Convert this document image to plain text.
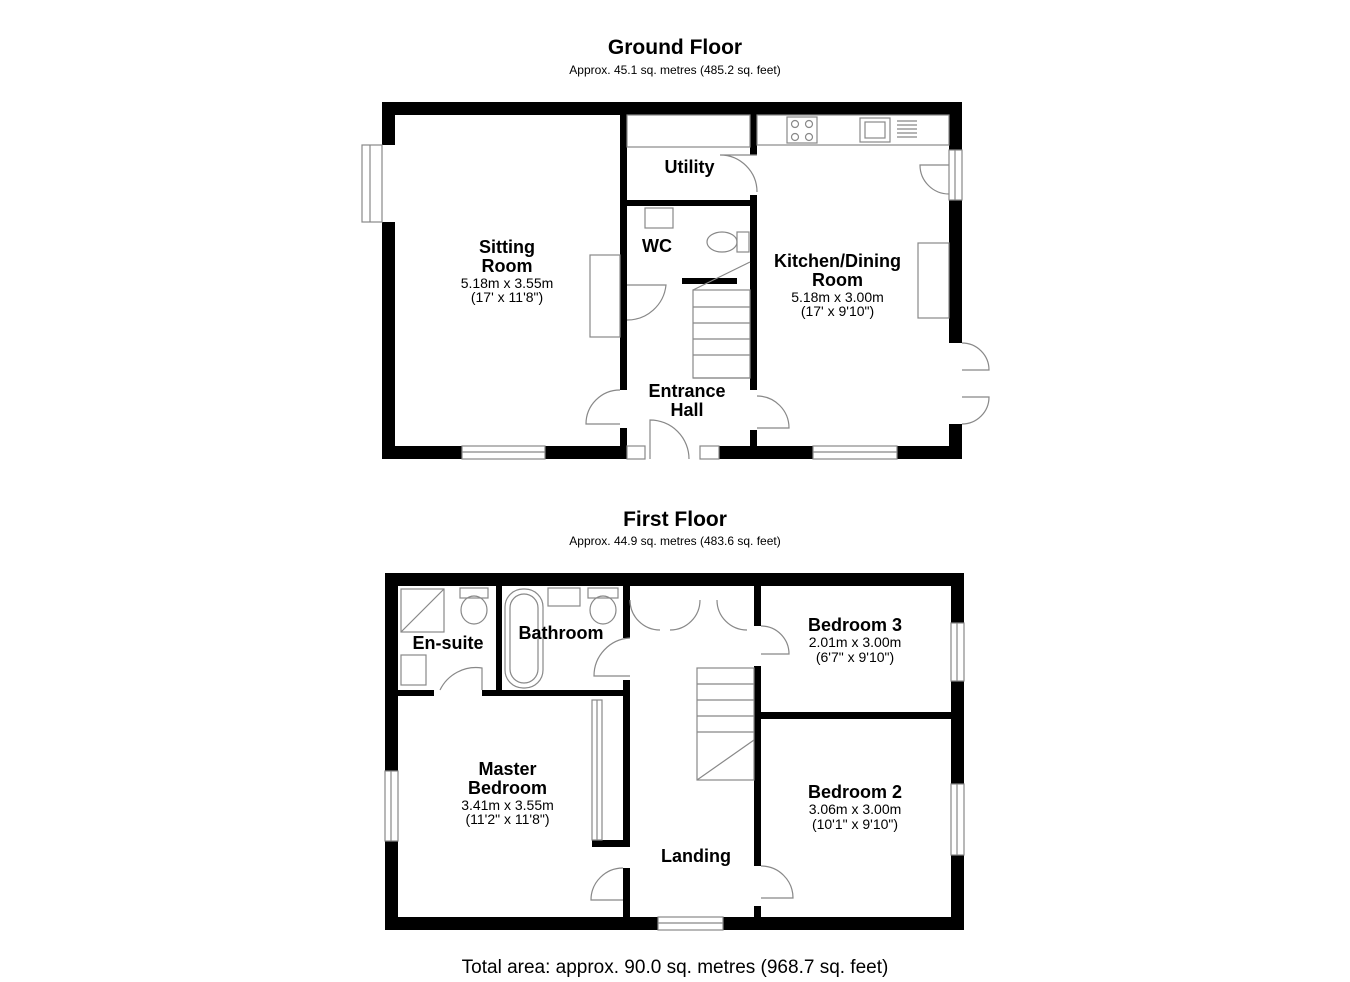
Ground Floor
Approx. 45.1 sq. metres (485.2 sq. feet)
First Floor
Approx. 44.9 sq. metres (483.6 sq. feet)
Sitting
Room
5.18m x 3.55m
(17' x 11'8")
Utility
WC
Kitchen/Dining
Room
5.18m x 3.00m
(17' x 9'10")
Entrance
Hall
En-suite	Bathroom	Bedroom 3
2.01m x 3.00m
(6'7" x 9'10")
Master
Bedroom
3.41m x 3.55m
(11'2" x 11'8")
Bedroom 2
3.06m x 3.00m
(10'1" x 9'10")
Landing
Total area: approx. 90.0 sq. metres (968.7 sq. feet)
